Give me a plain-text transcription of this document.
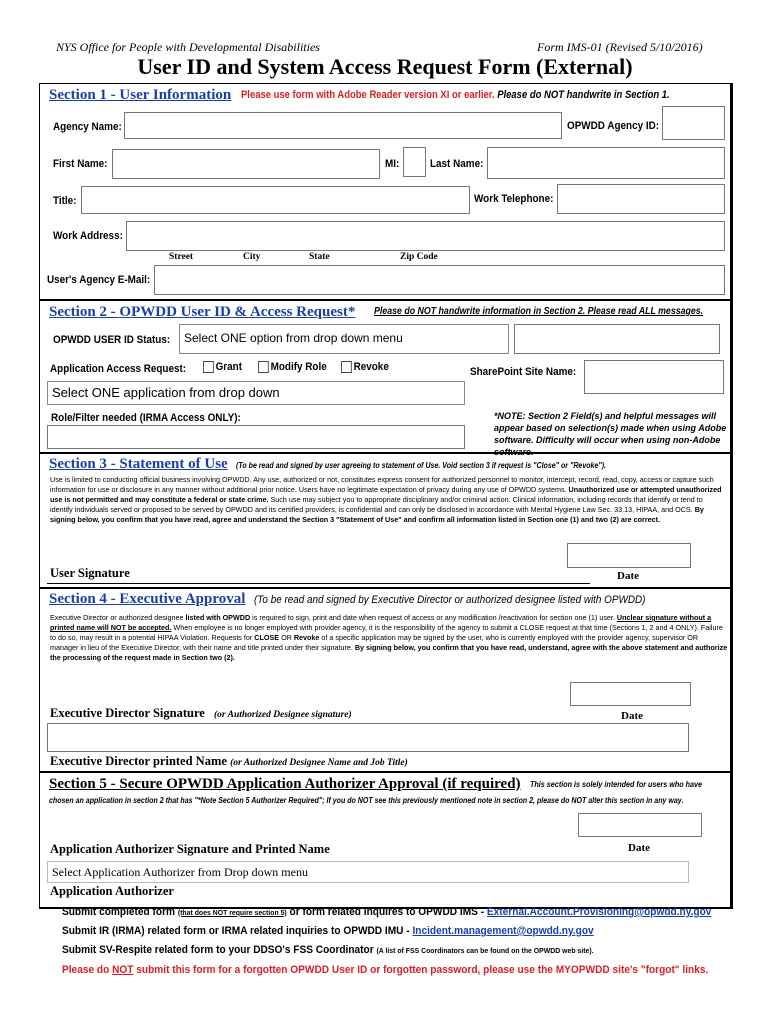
NYS Office for People with Developmental Disabilities	Form IMS-01 (Revised 5/10/2016)
User ID and System Access Request Form (External)
Section 1 - User Information Please use form with Adobe Reader version XI or earlier. Please do NOT handwrite in Section 1.
Agency Name:	OPWDD Agency ID:
First Name:	MI:	Last Name:
Title:	Work Telephone:
Work Address:
Street	City	State	Zip Code
User's Agency E-Mail:
Section 2 - OPWDD User ID & Access Request* Please do NOT handwrite information in Section 2. Please read ALL messages.
OPWDD USER ID Status:	Select ONE option from drop down menu
Application Access Request:	Grant	Modify Role	Revoke	SharePoint Site Name:
Select ONE application from drop down
Role/Filter needed (IRMA Access ONLY):	*NOTE: Section 2 Field(s) and helpful messages will appear based on selection(s) made when using Adobe software. Difficulty will occur when using non-Adobe software.
Section 3 - Statement of Use (To be read and signed by user agreeing to statement of Use. Void section 3 if request is "Close" or "Revoke").
Use is limited to conducting official business involving OPWDD. Any use, authorized or not, constitutes express consent for authorized personnel to monitor, intercept, record, read, copy, access or capture such information for use or disclosure in any manner without additional prior notice. Users have no legitimate expectation of privacy during any use of OPWDD systems. Unauthorized use or attempted unauthorized use is not permitted and may constitute a federal or state crime. Such use may subject you to appropriate disciplinary and/or criminal action. Clinical information, including records that identify or tend to identify individuals served or proposed to be served by OPWDD and its certified providers, is confidential and can only be disclosed in accordance with Mental Hygiene Law Sec. 33.13, HIPAA, and OCS. By signing below, you confirm that you have read, agree and understand the Section 3 "Statement of Use" and confirm all information listed in Section one (1) and two (2) are correct.
User Signature	Date
Section 4 - Executive Approval (To be read and signed by Executive Director or authorized designee listed with OPWDD)
Executive Director or authorized designee listed with OPWDD is required to sign, print and date when request of access or any modification /reactivation for section one (1) user. Unclear signature without a printed name will NOT be accepted. When employee is no longer employed with provider agency, it is the responsibility of the agency to submit a CLOSE request at that time (Sections 1, 2 and 4 ONLY). Failure to do so, may result in a potential HIPAA Violation. Requests for CLOSE OR Revoke of a specific application may be signed by the user, who is currently employed with the provider agency, supervisor OR manager in lieu of the Executive Director, with their name and title printed under their signature. By signing below, you confirm that you have read, understand, agree with the above statement and authorize the processing of the request made in Section two (2).
Executive Director Signature (or Authorized Designee signature)	Date
Executive Director printed Name (or Authorized Designee Name and Job Title)
Section 5 - Secure OPWDD Application Authorizer Approval (if required) This section is solely intended for users who have
chosen an application in section 2 that has "*Note Section 5 Authorizer Required"; If you do NOT see this previously mentioned note in section 2, please do NOT alter this section in any way.
Application Authorizer Signature and Printed Name	Date
Select Application Authorizer from Drop down menu
Application Authorizer
Submit completed form (that does NOT require section 5) or form related inquires to OPWDD IMS - External.Account.Provisioning@opwdd.ny.gov
Submit IR (IRMA) related form or IRMA related inquiries to OPWDD IMU - Incident.management@opwdd.ny.gov
Submit SV-Respite related form to your DDSO's FSS Coordinator (A list of FSS Coordinators can be found on the OPWDD web site).
Please do NOT submit this form for a forgotten OPWDD User ID or forgotten password, please use the MYOPWDD site's "forgot" links.
